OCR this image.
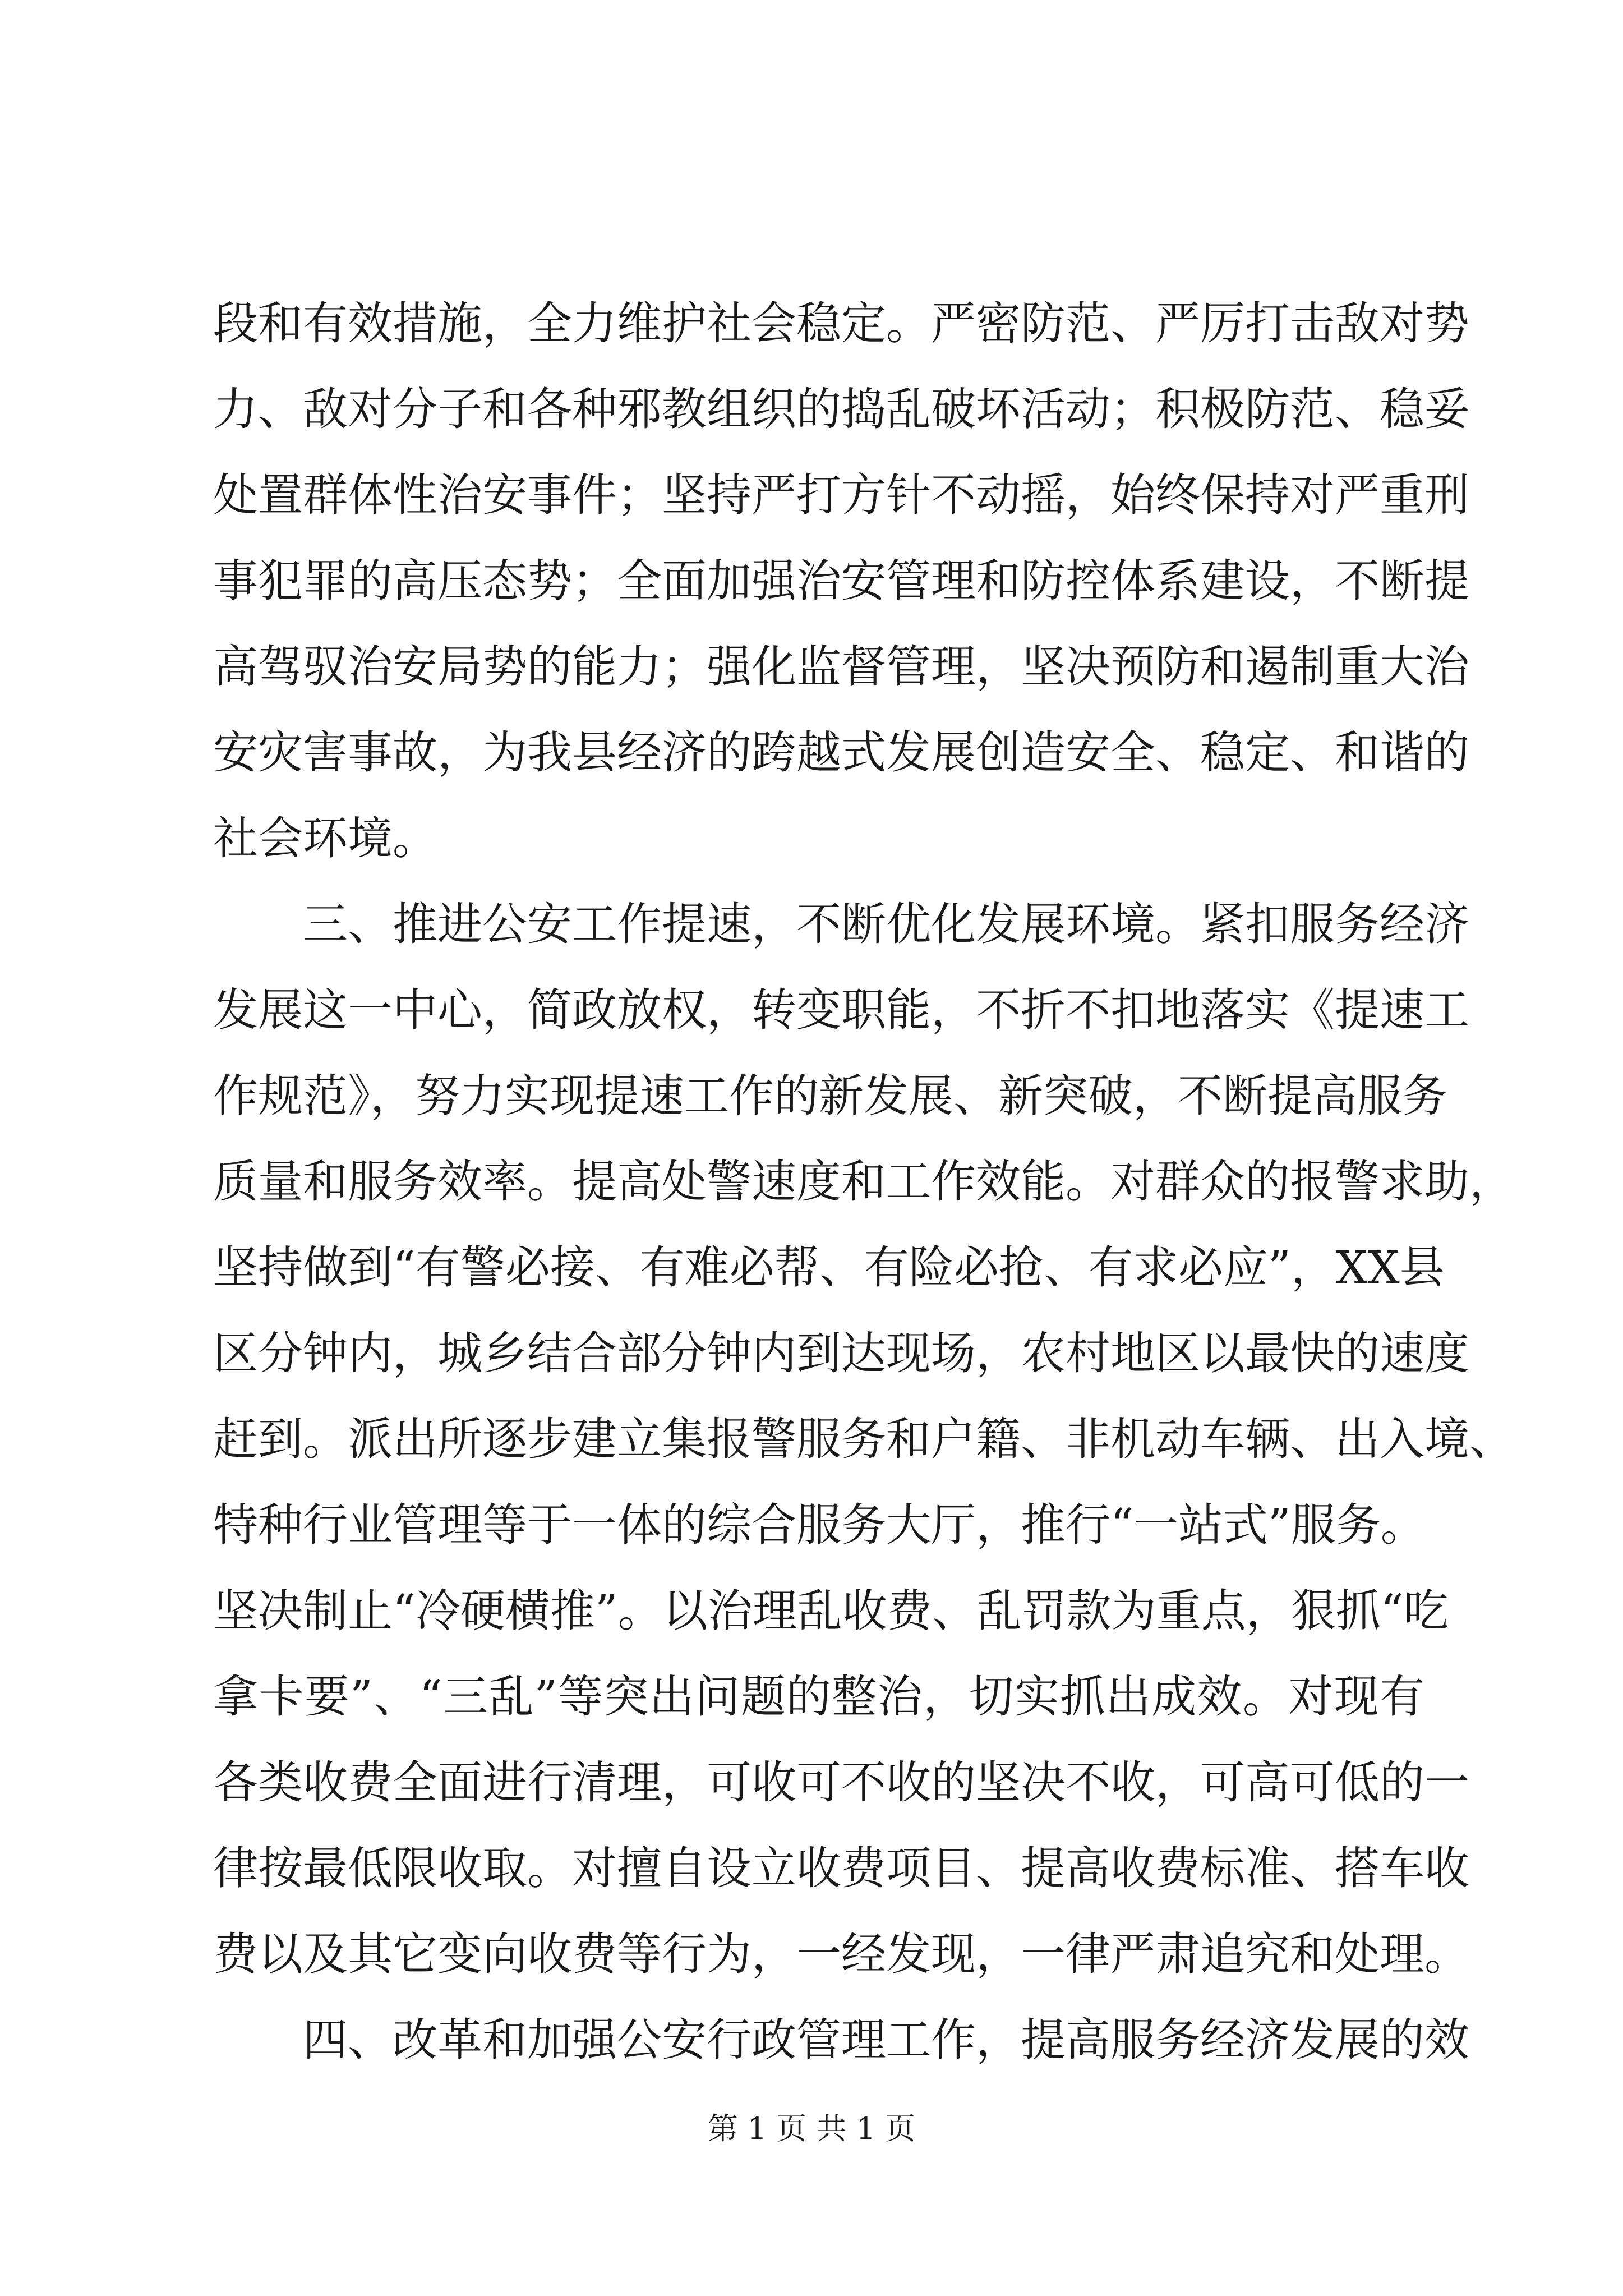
段和有效措施，全力维护社会稳定。严密防范、严厉打击敌对势
力、敌对分子和各种邪教组织的捣乱破坏活动；积极防范、稳妥
处置群体性治安事件；坚持严打方针不动摇，始终保持对严重刑
事犯罪的高压态势；全面加强治安管理和防控体系建设，不断提
高驾驭治安局势的能力；强化监督管理，坚决预防和遏制重大治
安灾害事故，为我县经济的跨越式发展创造安全、稳定、和谐的
社会环境。
三、推进公安工作提速，不断优化发展环境。紧扣服务经济
发展这一中心，简政放权，转变职能，不折不扣地落实《提速工
作规范》，努力实现提速工作的新发展、新突破，不断提高服务
质量和服务效率。提高处警速度和工作效能。对群众的报警求助，
坚持做到“有警必接、有难必帮、有险必抢、有求必应”，XX县
区分钟内，城乡结合部分钟内到达现场，农村地区以最快的速度
赶到。派出所逐步建立集报警服务和户籍、非机动车辆、出入境、
特种行业管理等于一体的综合服务大厅，推行“一站式”服务。
坚决制止“冷硬横推”。以治理乱收费、乱罚款为重点，狠抓“吃
拿卡要”、“三乱”等突出问题的整治，切实抓出成效。对现有
各类收费全面进行清理，可收可不收的坚决不收，可高可低的一
律按最低限收取。对擅自设立收费项目、提高收费标准、搭车收
费以及其它变向收费等行为，一经发现，一律严肃追究和处理。
四、改革和加强公安行政管理工作，提高服务经济发展的效
第 1 页 共 1 页
